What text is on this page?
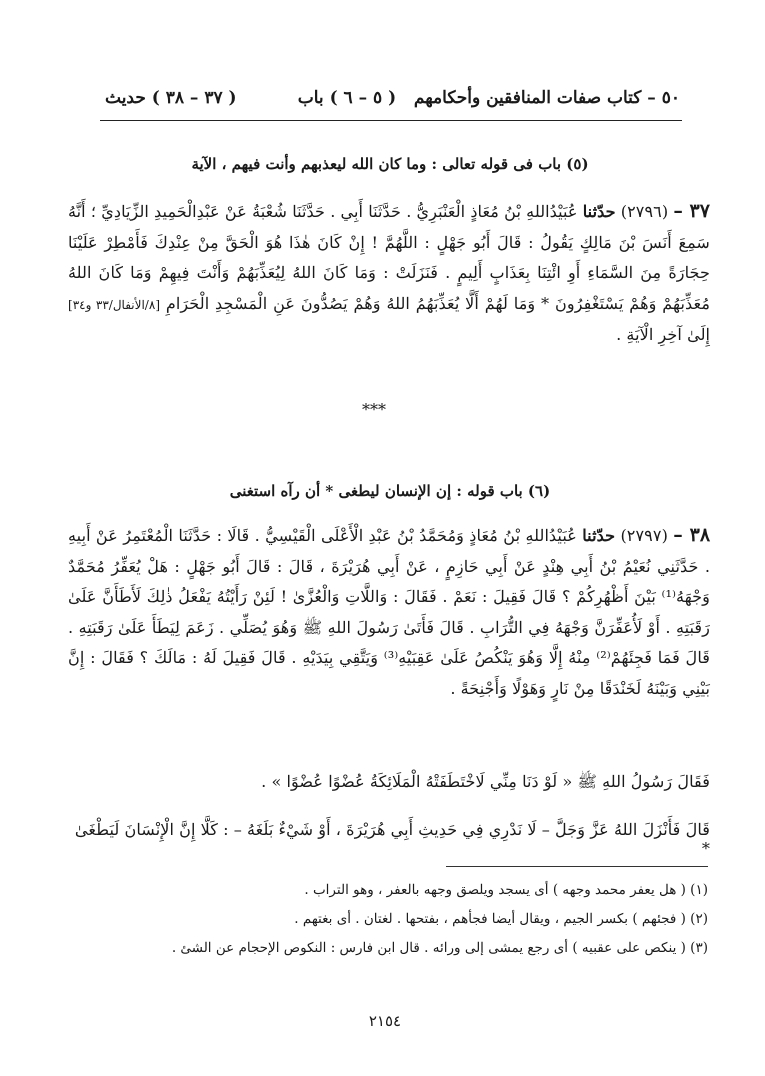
٥٠ – كتاب صفات المنافقين وأحكامهم   ( ٥ – ٦ ) باب
( ٣٧ – ٣٨ ) حديث
(٥) باب فى قوله تعالى : وما كان الله ليعذبهم وأنت فيهم ، الآية
٣٧ – (٢٧٩٦) حدّثنا عُبَيْدُاللهِ بْنُ مُعَاذٍ الْعَنْبَرِيُّ . حَدَّثَنَا أَبِي . حَدَّثَنَا شُعْبَةُ عَنْ عَبْدِالْحَمِيدِ الزِّيَادِيِّ ؛ أَنَّهُ سَمِعَ أَنَسَ بْنَ مَالِكٍ يَقُولُ : قَالَ أَبُو جَهْلٍ : اللَّهُمَّ ! إِنْ كَانَ هٰذَا هُوَ الْحَقَّ مِنْ عِنْدِكَ فَأَمْطِرْ عَلَيْنَا حِجَارَةً مِنَ السَّمَاءِ أَوِ ائْتِنَا بِعَذَابٍ أَلِيمٍ . فَنَزَلَتْ : وَمَا كَانَ اللهُ لِيُعَذِّبَهُمْ وَأَنْتَ فِيهِمْ وَمَا كَانَ اللهُ مُعَذِّبَهُمْ وَهُمْ يَسْتَغْفِرُونَ * وَمَا لَهُمْ أَلَّا يُعَذِّبَهُمُ اللهُ وَهُمْ يَصُدُّونَ عَنِ الْمَسْجِدِ الْحَرَامِ [٨/الأنفال/٣٣ و٣٤] إِلَىٰ آخِرِ الْآيَةِ .
*​**
(٦) باب قوله : إن الإنسان ليطغى * أن رآه استغنى
٣٨ – (٢٧٩٧) حدّثنا عُبَيْدُاللهِ بْنُ مُعَاذٍ وَمُحَمَّدُ بْنُ عَبْدِ الْأَعْلَى الْقَيْسِيُّ . قَالَا : حَدَّثَنَا الْمُعْتَمِرُ عَنْ أَبِيهِ . حَدَّثَنِي نُعَيْمُ بْنُ أَبِي هِنْدٍ عَنْ أَبِي حَازِمٍ ، عَنْ أَبِي هُرَيْرَةَ ، قَالَ : قَالَ أَبُو جَهْلٍ : هَلْ يُعَفِّرُ مُحَمَّدٌ وَجْهَهُ⁽¹⁾ بَيْنَ أَظْهُرِكُمْ ؟ قَالَ فَقِيلَ : نَعَمْ . فَقَالَ : وَاللَّاتِ وَالْعُزَّىٰ ! لَئِنْ رَأَيْتُهُ يَفْعَلُ ذٰلِكَ لَأَطَأَنَّ عَلَىٰ رَقَبَتِهِ . أَوْ لَأُعَفِّرَنَّ وَجْهَهُ فِي التُّرَابِ . قَالَ فَأَتَىٰ رَسُولَ اللهِ ﷺ وَهُوَ يُصَلِّي . زَعَمَ لِيَطَأَ عَلَىٰ رَقَبَتِهِ . قَالَ فَمَا فَجِئَهُمْ⁽²⁾ مِنْهُ إِلَّا وَهُوَ يَنْكُصُ عَلَىٰ عَقِبَيْهِ⁽³⁾ وَيَتَّقِي بِيَدَيْهِ . قَالَ فَقِيلَ لَهُ : مَالَكَ ؟ فَقَالَ : إِنَّ بَيْنِي وَبَيْنَهُ لَخَنْدَقًا مِنْ نَارٍ وَهَوْلًا وَأَجْنِحَةً .
فَقَالَ رَسُولُ اللهِ ﷺ « لَوْ دَنَا مِنِّي لَاخْتَطَفَتْهُ الْمَلَائِكَةُ عُضْوًا عُضْوًا » .
قَالَ فَأَنْزَلَ اللهُ عَزَّ وَجَلَّ – لَا نَدْرِي فِي حَدِيثِ أَبِي هُرَيْرَةَ ، أَوْ شَيْءٌ بَلَغَهُ – : كَلَّا إِنَّ الْإِنْسَانَ لَيَطْغَىٰ *
(١) ( هل يعفر محمد وجهه ) أى يسجد ويلصق وجهه بالعفر ، وهو التراب .
(٢) ( فجئهم ) بكسر الجيم ، ويقال أيضا فجأهم ، بفتحها . لغتان . أى بغتهم .
(٣) ( ينكص على عقبيه ) أى رجع يمشى إلى ورائه . قال ابن فارس : النكوص الإحجام عن الشئ .
٢١٥٤
